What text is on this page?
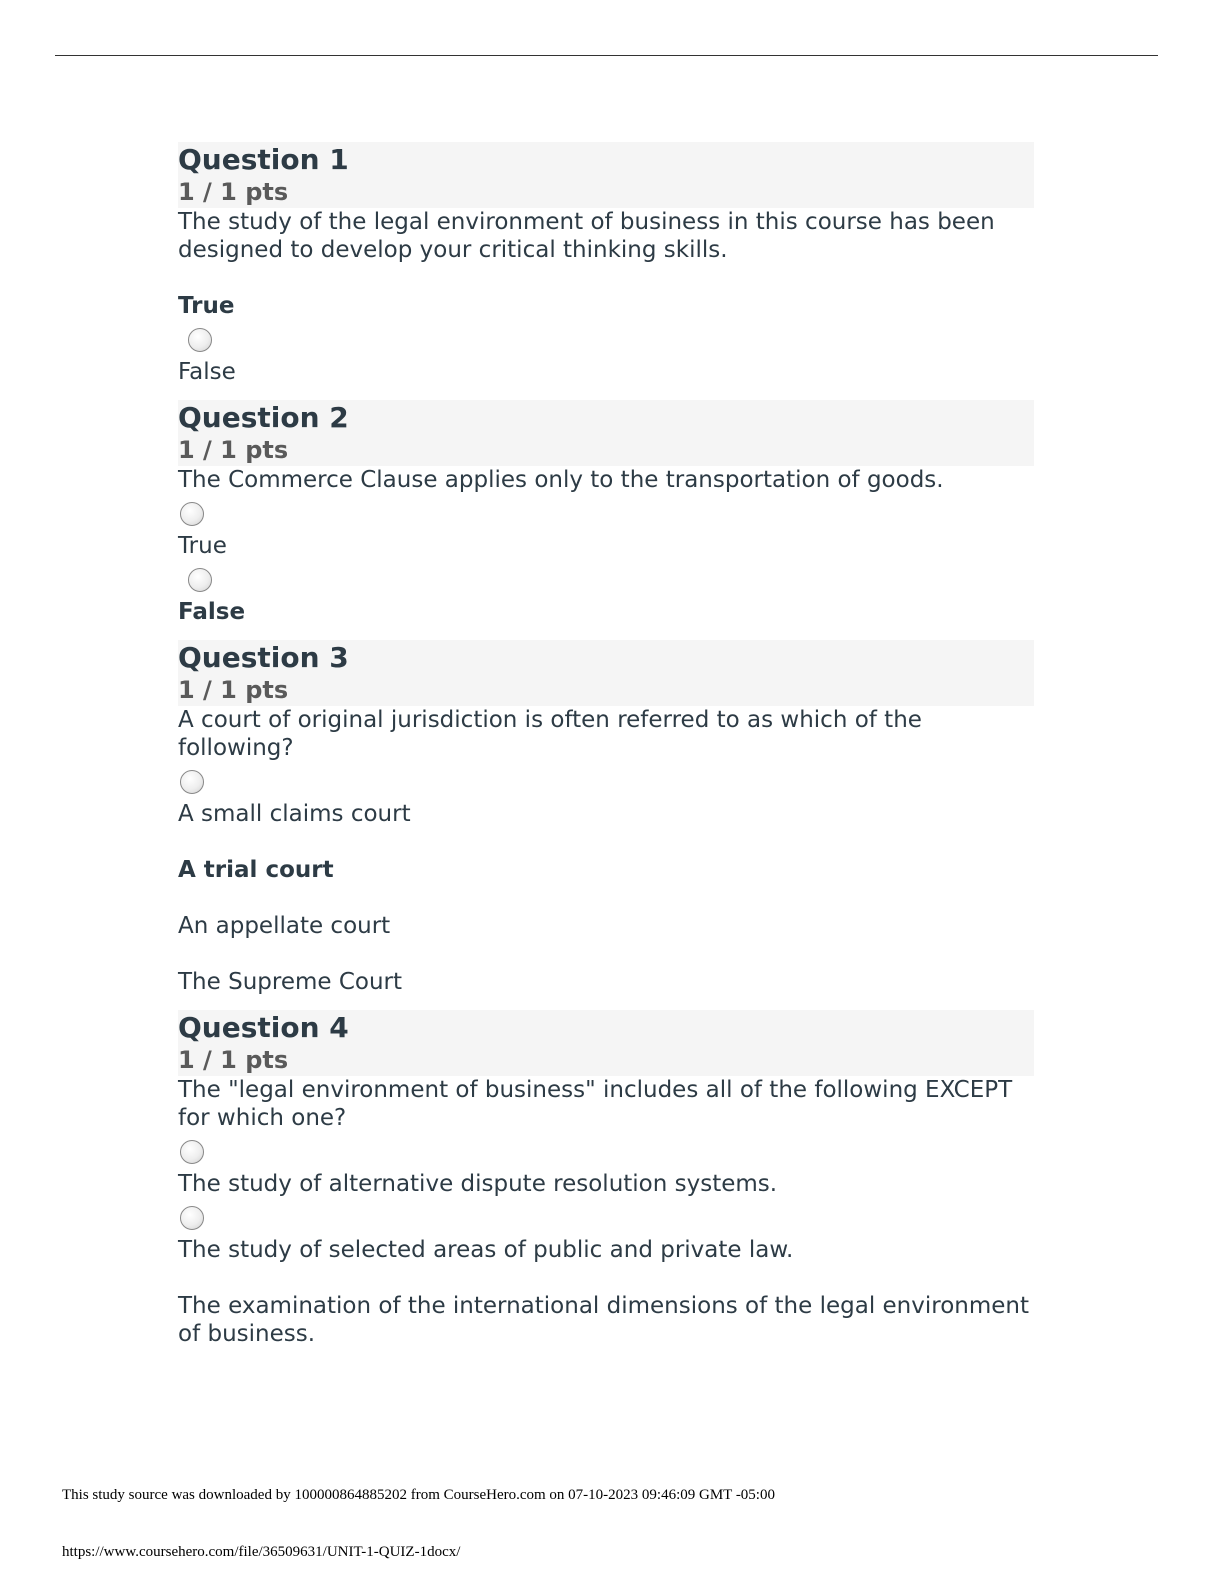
Question 1
1 / 1 pts

The study of the legal environment of business in this course has been designed to develop your critical thinking skills.

True

False

Question 2
1 / 1 pts

The Commerce Clause applies only to the transportation of goods.

True

False

Question 3
1 / 1 pts

A court of original jurisdiction is often referred to as which of the following?

A small claims court

A trial court

An appellate court

The Supreme Court

Question 4
1 / 1 pts

The "legal environment of business" includes all of the following EXCEPT for which one?

The study of alternative dispute resolution systems.

The study of selected areas of public and private law.

The examination of the international dimensions of the legal environment of business.

This study source was downloaded by 100000864885202 from CourseHero.com on 07-10-2023 09:46:09 GMT -05:00
https://www.coursehero.com/file/36509631/UNIT-1-QUIZ-1docx/
